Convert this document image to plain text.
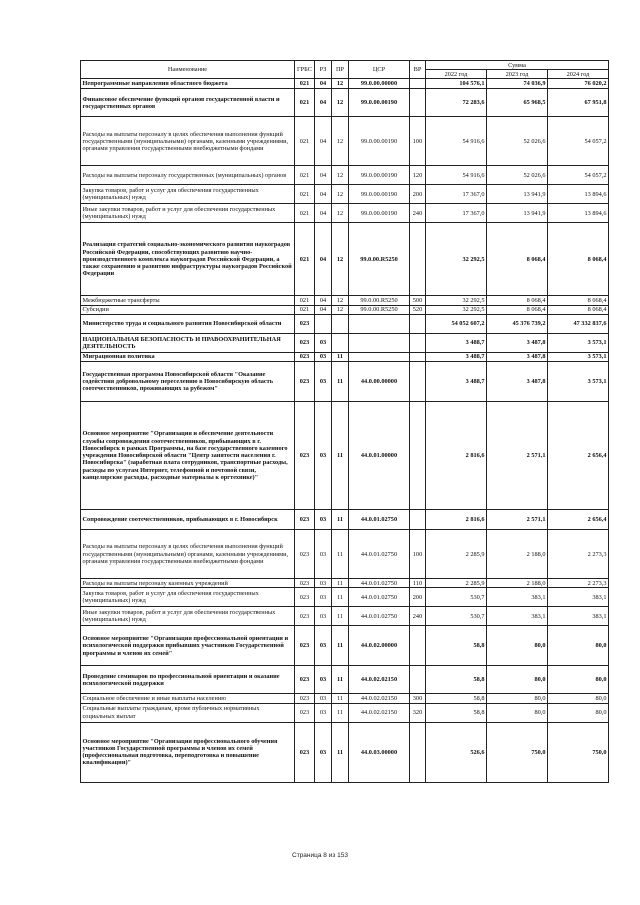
Наименование	ГРБС	РЗ	ПР	ЦСР	ВР	Сумма		
						2022 год	2023 год	2024 год
Непрограммные направления областного бюджета	021	04	12	99.0.00.00000		104 576,1	74 036,9	76 020,2
Финансовое обеспечение функций органов государственной власти и государственных органов	021	04	12	99.0.00.00190		72 283,6	65 968,5	67 951,8
Расходы на выплаты персоналу в целях обеспечения выполнения функций государственными (муниципальными) органами, казенными учреждениями, органами управления государственными внебюджетными фондами	021	04	12	99.0.00.00190	100	54 916,6	52 026,6	54 057,2
Расходы на выплаты персоналу государственных (муниципальных) органов	021	04	12	99.0.00.00190	120	54 916,6	52 026,6	54 057,2
Закупка товаров, работ и услуг для обеспечения государственных (муниципальных) нужд	021	04	12	99.0.00.00190	200	17 367,0	13 941,9	13 894,6
Иные закупки товаров, работ и услуг для обеспечения государственных (муниципальных) нужд	021	04	12	99.0.00.00190	240	17 367,0	13 941,9	13 894,6
Реализация стратегий социально-экономического развития наукоградов Российской Федерации, способствующих развитию научно-производственного комплекса наукоградов Российской Федерации, а также сохранению и развитию инфраструктуры наукоградов Российской Федерации	021	04	12	99.0.00.R5250		32 292,5	8 068,4	8 068,4
Межбюджетные трансферты	021	04	12	99.0.00.R5250	500	32 292,5	8 068,4	8 068,4
Субсидии	021	04	12	99.0.00.R5250	520	32 292,5	8 068,4	8 068,4
Министерство труда и социального развития Новосибирской области	023					54 052 607,2	45 376 739,2	47 332 837,6
НАЦИОНАЛЬНАЯ БЕЗОПАСНОСТЬ И ПРАВООХРАНИТЕЛЬНАЯ ДЕЯТЕЛЬНОСТЬ	023	03				3 488,7	3 487,8	3 573,1
Миграционная политика	023	03	11			3 488,7	3 487,8	3 573,1
Государственная программа Новосибирской области "Оказание содействия добровольному переселению в Новосибирскую область соотечественников, проживающих за рубежом"	023	03	11	44.0.00.00000		3 488,7	3 487,8	3 573,1
Основное мероприятие "Организация и обеспечение деятельности службы сопровождения соотечественников, прибывающих в г. Новосибирск в рамках Программы, на базе государственного казенного учреждения Новосибирской области "Центр занятости населения г. Новосибирска" (заработная плата сотрудников, транспортные расходы, расходы по услугам Интернет, телефонной и почтовой связи, канцелярские расходы, расходные материалы к оргтехнике)"	023	03	11	44.0.01.00000		2 816,6	2 571,1	2 656,4
Сопровождение соотечественников, прибывающих в г. Новосибирск	023	03	11	44.0.01.02750		2 816,6	2 571,1	2 656,4
Расходы на выплаты персоналу в целях обеспечения выполнения функций государственными (муниципальными) органами, казенными учреждениями, органами управления государственными внебюджетными фондами	023	03	11	44.0.01.02750	100	2 285,9	2 188,0	2 273,3
Расходы на выплаты персоналу казенных учреждений	023	03	11	44.0.01.02750	110	2 285,9	2 188,0	2 273,3
Закупка товаров, работ и услуг для обеспечения государственных (муниципальных) нужд	023	03	11	44.0.01.02750	200	530,7	383,1	383,1
Иные закупки товаров, работ и услуг для обеспечения государственных (муниципальных) нужд	023	03	11	44.0.01.02750	240	530,7	383,1	383,1
Основное мероприятие "Организация профессиональной ориентации и психологической поддержки прибывших участников Государственной программы и членов их семей"	023	03	11	44.0.02.00000		58,8	80,0	80,0
Проведение семинаров по профессиональной ориентации и оказание психологической поддержки	023	03	11	44.0.02.02150		58,8	80,0	80,0
Социальное обеспечение и иные выплаты населению	023	03	11	44.0.02.02150	300	58,8	80,0	80,0
Социальные выплаты гражданам, кроме публичных нормативных социальных выплат	023	03	11	44.0.02.02150	320	58,8	80,0	80,0
Основное мероприятие "Организация профессионального обучения участников Государственной программы и членов их семей (профессиональная подготовка, переподготовка и повышение квалификации)"	023	03	11	44.0.03.00000		526,6	750,0	750,0
Страница 8 из 153
